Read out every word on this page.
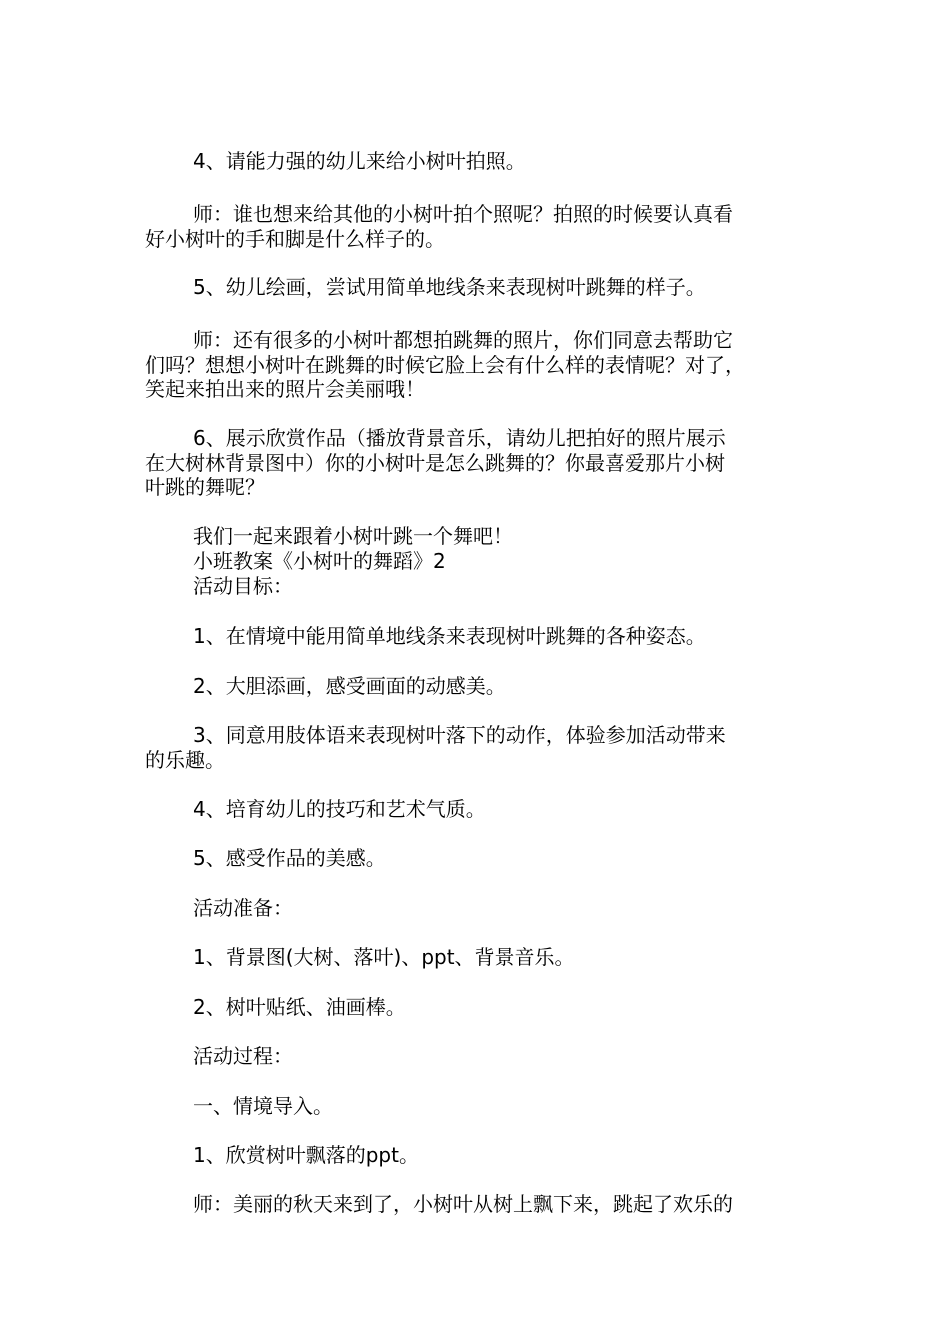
4、请能力强的幼儿来给小树叶拍照。
师：谁也想来给其他的小树叶拍个照呢？拍照的时候要认真看
好小树叶的手和脚是什么样子的。
5、幼儿绘画，尝试用简单地线条来表现树叶跳舞的样子。
师：还有很多的小树叶都想拍跳舞的照片，你们同意去帮助它
们吗？想想小树叶在跳舞的时候它脸上会有什么样的表情呢？对了，
笑起来拍出来的照片会美丽哦！
6、展示欣赏作品（播放背景音乐，请幼儿把拍好的照片展示
在大树林背景图中）你的小树叶是怎么跳舞的？你最喜爱那片小树
叶跳的舞呢？
我们一起来跟着小树叶跳一个舞吧！
小班教案《小树叶的舞蹈》2
活动目标：
1、在情境中能用简单地线条来表现树叶跳舞的各种姿态。
2、大胆添画，感受画面的动感美。
3、同意用肢体语来表现树叶落下的动作，体验参加活动带来
的乐趣。
4、培育幼儿的技巧和艺术气质。
5、感受作品的美感。
活动准备：
1、背景图(大树、落叶)、ppt、背景音乐。
2、树叶贴纸、油画棒。
活动过程：
一、情境导入。
1、欣赏树叶飘落的ppt。
师：美丽的秋天来到了，小树叶从树上飘下来，跳起了欢乐的
